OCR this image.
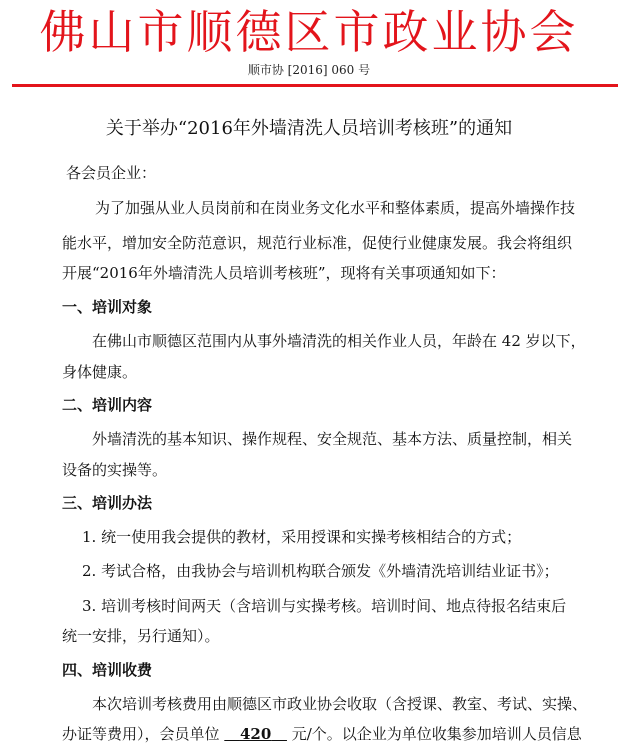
佛山市顺德区市政业协会
顺市协 [2016] 060 号
关于举办“2016年外墙清洗人员培训考核班”的通知
各会员企业：
为了加强从业人员岗前和在岗业务文化水平和整体素质，提高外墙操作技
能水平，增加安全防范意识，规范行业标准，促使行业健康发展。我会将组织
开展“2016年外墙清洗人员培训考核班”，现将有关事项通知如下：
一、培训对象
在佛山市顺德区范围内从事外墙清洗的相关作业人员，年龄在 42 岁以下，
身体健康。
二、培训内容
外墙清洗的基本知识、操作规程、安全规范、基本方法、质量控制，相关
设备的实操等。
三、培训办法
1. 统一使用我会提供的教材，采用授课和实操考核相结合的方式；
2. 考试合格，由我协会与培训机构联合颁发《外墙清洗培训结业证书》；
3. 培训考核时间两天（含培训与实操考核。培训时间、地点待报名结束后
统一安排，另行通知）。
四、培训收费
本次培训考核费用由顺德区市政业协会收取（含授课、教室、考试、实操、
办证等费用），会员单位 420 元/个。以企业为单位收集参加培训人员信息
